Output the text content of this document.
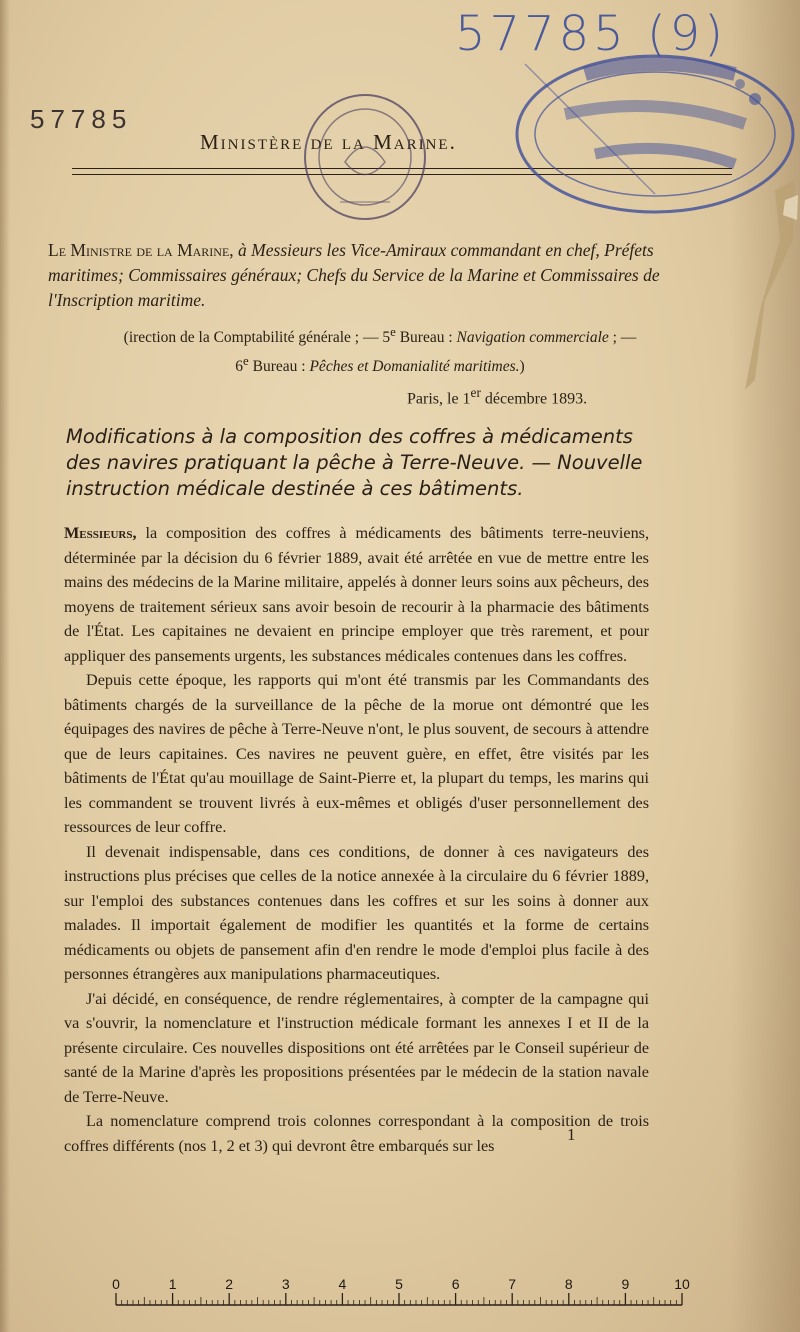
57785 (9)
57785
Ministère de la Marine.
Le Ministre de la Marine, à Messieurs les Vice-Amiraux commandant en chef, Préfets maritimes; Commissaires généraux; Chefs du Service de la Marine et Commissaires de l'Inscription maritime.
(irection de la Comptabilité générale ; — 5e Bureau : Navigation commerciale ; —
6e Bureau : Pêches et Domanialité maritimes.)
Paris, le 1er décembre 1893.
Modifications à la composition des coffres à médicaments des navires pratiquant la pêche à Terre-Neuve. — Nouvelle instruction médicale destinée à ces bâtiments.

Messieurs, la composition des coffres à médicaments des bâtiments terre-neuviens, déterminée par la décision du 6 février 1889, avait été arrêtée en vue de mettre entre les mains des médecins de la Marine militaire, appelés à donner leurs soins aux pêcheurs, des moyens de traitement sérieux sans avoir besoin de recourir à la pharmacie des bâtiments de l'État. Les capitaines ne devaient en principe employer que très rarement, et pour appliquer des pansements urgents, les substances médicales contenues dans les coffres.

Depuis cette époque, les rapports qui m'ont été transmis par les Commandants des bâtiments chargés de la surveillance de la pêche de la morue ont démontré que les équipages des navires de pêche à Terre-Neuve n'ont, le plus souvent, de secours à attendre que de leurs capitaines. Ces navires ne peuvent guère, en effet, être visités par les bâtiments de l'État qu'au mouillage de Saint-Pierre et, la plupart du temps, les marins qui les commandent se trouvent livrés à eux-mêmes et obligés d'user personnellement des ressources de leur coffre.

Il devenait indispensable, dans ces conditions, de donner à ces navigateurs des instructions plus précises que celles de la notice annexée à la circulaire du 6 février 1889, sur l'emploi des substances contenues dans les coffres et sur les soins à donner aux malades. Il importait également de modifier les quantités et la forme de certains médicaments ou objets de pansement afin d'en rendre le mode d'emploi plus facile à des personnes étrangères aux manipulations pharmaceutiques.

J'ai décidé, en conséquence, de rendre réglementaires, à compter de la campagne qui va s'ouvrir, la nomenclature et l'instruction médicale formant les annexes I et II de la présente circulaire. Ces nouvelles dispositions ont été arrêtées par le Conseil supérieur de santé de la Marine d'après les propositions présentées par le médecin de la station navale de Terre-Neuve.

La nomenclature comprend trois colonnes correspondant à la composition de trois coffres différents (nos 1, 2 et 3) qui devront être embarqués sur les

1
0	1	2	3	4	5	6	7	8	9	10
